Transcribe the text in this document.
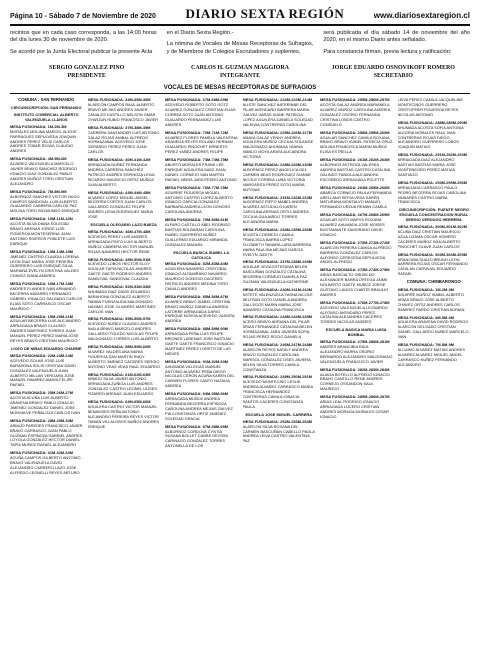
Página 10 - Sábado 7 de Noviembre de 2020 DIARIO SEXTA REGIÓN	www.diariosextaregion.cl

recintos que en cada caso corresponda, a las 14:00 horas del día lunes 30 de noviembre de 2020.

Se acordó por la Junta Electoral publicar la presente Acta

en el Diario Sexta Región.-

La nómina de Vocales de Mesas Receptoras de Sufragios, y de Miembros de Colegios Escrutadores y suplentes,

será publicada el día sábado 14 de noviembre del año 2020, en el mismo Diario antes señalado.

Para constancia firman, previa lectura y ratificación:

SERGIO GONZALEZ PINO
PRESIDENTE
CARLOS H. GUZMAN MAGGIORA
INTEGRANTE
JORGE EDUARDO OSNOVIKOFF ROMERO
SECRETARIO
VOCALES DE MESAS RECEPTORAS DE SUFRAGIOS
COMUNA : SAN FERNANDO
CIRCUNSCRIPCIÓN: SAN FERNANDO
INSTITUTO COMERCIAL ALBERTO VALENZUELA LLANOS
MESA FUSIONADA: 1M-2M-3M
MORALES MOLINA MARCEL ALEXIS PARRAGUEZ SEPULVEDA JOAQUIN ANDRES PEREZ VELIZ CARLOS ANDRES TOBAR ROJAS CLAUDIO ANDRES
MESA FUSIONADA: 4M-5M-6M
ALVAREZ VALENZUELA MARCELO JAVIER BRAVO SANCHEZ RODRIGO IGNACIO DIAZ GONZALEZ PABLO ANDRES MUÑOZ TORO CRISTIAN ALEJANDRO
MESA FUSIONADA: 7M-8M-9M
ALBORNOZ SANCHEZ VICTOR HUGO CAMPOS SANDOVAL LUIS ALBERTO GUAJARDO CABRERA CARLOS PAZ MOLINA TORO RAYMUNDO ENRIQUE
MESA FUSIONADA: 10M-11M-12M
ACOSTA SILVA DIANA SOLEDAD BRAVO ARENAS JORGE LUIS FIGUEROA MONTESERINA JUAN ANTONIO RIVEROS POBLETE LUIS ENRIQUE
MESA FUSIONADA: 13M-14M-15M
JIMENEZ CASTRO CLAUDIA LORENA LEON DIAZ MARIA JOSE PEREIRA GUERRERO LUIS ENRIQUE SILVA MARIANA EVELYN CRISTINA VALDES CHAVEZ DIANA ANDREA
MESA FUSIONADA: 16M-17M-18M
ANDRES FLANDES IVAN ARMANDO BECERRA NAVARRO FERNANDO GABRIEL HIDALGO SALGADO CARLOS ELIAS SOTO CARRASCO OSCAR MAURICIO
MESA FUSIONADA: 19M-20M-21M
AGUILAR BECERRA LUIS ALEJANDRO ARRIAGADA BRAVO CLAUDIO ANDRES MARTINEZ TORRES JUAN MANUEL PEREZ PEREZ MARIA JOSE REYES BRAVO CRISTIAN MAURICIO
LICEO DE NIÑAS EDUARDO CHARME
MESA FUSIONADA: 22M-23M-24M
ACEVEDO SOLAR JOSE LUIS BARAHONA SOLIS CRISTIAN DAVID GONZALEZ VALENZUELA JUAN ALBERTO MILLAN VERGARA JOSE MANUEL RAMIREZ AMAYA FELIPE RAFAEL
MESA FUSIONADA: 25M-26M-27M
ACOSTA ACUÑA LUIS ALBERTO ARAVENA BRAVO PABLO IGNACIO JIMENEZ GONZALEZ DANIEL JOSE MONSALVE PEÑALOZA CARLOS IVAN
MESA FUSIONADA: 28M-29M-30M
ARMIJO PAREDES FRANCISCO JAVIER BRAVO CARRASCO JUAN PABLO GUZMAN ESPINOZA GABRIEL ANDRES LOYOLA GONZALEZ HECTOR DANIEL TAPIA MUÑOZ RAFAEL ALEJANDRO
MESA FUSIONADA: 31M-32M-33M
ACUÑA CAMPOS GILBERTO ANTONIO BRAVO VALENZUELA DAVID ALEJANDRO CARRERO LAZO JOSE ALFREDO LEONELLI REYES ARTURO
MESA FUSIONADA: 34M-35M-36M
ALARCON CAMPOS RAUL ALBERTO BRAVO MEJIAS ANDRES JAVIER CANALES CASTILLO NELSON OMAR OYARZUN RUBIO FRANCISCO JAVIER
MESA FUSIONADA: 37M-38M-39M
CARRERA SANTANDER LUIS ANTONIO GALAZ ROJAS ANIBAL ALFREDO HORMAZABAL ACEVEDO JOSE GERARDO PEREZ PEREZ JUAN CARLOS
MESA FUSIONADA: 40M-41M-42M
ARRIAGADA NUÑEZ FERNANDA ANDREA CARRERA SANCHEZ PATRICIO ANDRES ESPINOZA LEIVA RICARDO MAURICIO ORTIZ MUÑOZ JUAN ALBERTO
MESA FUSIONADA: 43M-44M-45M
ALVAREZ LOPEZ MIGUEL ANGEL BECERRA CORTES JUAN CARLOS GALLARDO GONZALEZ FELIPE ANDRES LEIVA RODRIGUEZ MARIA JOSE
ESCUELA OLEGARIO LAZO BAEZA
MESA FUSIONADA: 46M-47M-48M
ACEVEDO PEREZ LUIS ANDRES ARRIAGADA PINTO LUIS ALBERTO MUÑOZ CABRERA VICTOR MANUEL ROJAS NAVARRO HECTOR RENE
MESA FUSIONADA: 49M-50M-51M
ACEVEDO LOBOS HECTOR ELOY AGUILAR TAPIA NICOLAS ANDRES GAETE GAETE RODRIGO ANDRES SANDOVAL SANDOVAL CLAUDIA
MESA FUSIONADA: 52M-53M-54M
AHUMADA DIAZ DAVID EDUARDO BARAHONA GONZALEZ ALBERTO FABIAN FUENZALIDA MALDONADO MAXIMO JOSE OLIVARES MARTINEZ CARLOS IVAN
MESA FUSIONADA: 55M-56M-57M
ACEVEDO NUÑEZ CLAUDIO ANDRES AVALA BRAVO MARCELO ANDRES GALLARDO TOLEDO NICOLAS FELIPE MALDONADO TORRES LUIS ALBERTO
MESA FUSIONADA: 58M-59M-60M
ALVAREZ VALDES ANA MARIA FIGUEROA SAN MARTIN RUDY ALBERTO JIMENEZ CACERES SERGIO ANTONIO VEAS VEAS RAUL EDUARDO
MESA FUSIONADA: 61M-62M-63M
ARMIJO SILVA JAVIER ANTONIO ARRIAGADA ZUÑIGA LUIS ANDRES GONZALEZ CASTRO LEONEL ULISES PIZARRO ARENAS JUAN EDUARDO
MESA FUSIONADA: 64M-65M-66M
AGUILERA CASTRO VICTOR MANUEL BENAVIDES PEÑA ANTONIO ALEJANDRO PEREIRA REYES VICTOR FABIAN VILLALOBOS MUÑOZ ANDRES ENRIQUE
MESA FUSIONADA: 67M-68M-69M
ACEVEDO ROBERTO SOTO GOTZ ALVAREZ GONZALEZ CRISTIAN ELIAS CORREA SOTO JUAN ANTONIO GUAJARDO FERNANDEZ LUIS ANDRES
MESA FUSIONADA: 70M-71M-72M
ALVAREZ FLORES PAMELA VALENTINA ARANEDA REYES ROLAND HERNAN GUAJARDO PINOCHET ERNESTO PEREZ YAÑEZ ANDRES FELIPE
MESA FUSIONADA: 73M-74M-75M
ABURTO MORALES FRANK LEE ENRIQUE AGUILERA SAEZ JUAN DANIEL CORNEJO SAN MARTIN RAFAEL NEIRA JARA PEDRO ANTONIO
MESA FUSIONADA: 76M-77M-78M
AGUIRRE FIGUEROA MIGUEL ANTONIO CASTRO LOPEZ ALBERTO IGNACIO GARCIA GONZALEZ BARBARA ANDREA LEON DONOSO CAROLINA ANDREA
MESA FUSIONADA: 79M-80M-81M
ALFARO CASTILLO ABEL RODRIGO BASTIAS BOLBARAN CAROLINA ISABEL GUERRERO NUÑEZ GUILLERMO EDUARDO MIRANDA GONZALEZ MANUEL
ESCUELA BASICA ISABEL LA CATOLICA
MESA FUSIONADA: 82M-83M-84M
AGUILERA NAVARRO CRISTOBAL IGNACIO ALTAMIRANO NAVARRO MAURICIO DONOSO CACERES PATRICIO ANDRES MEDINA TORO CAMILO ANDRES
MESA FUSIONADA: 85M-86M-87M
ALVAREZ BRAVO ISABEL CRISTINA BRAVO MUÑOZ DANIELA ANDREA LATORRE ARRIAGADA DARIO ENRIQUE NOVOA ACEVEDO JUANITA ANDREA
MESA FUSIONADA: 88M-89M-90M
ARRIAGADA PEÑA LUIS FELIPE BRIONES LARENAS JOSE BASTIAN GAETE GAETE FRANCISCO IGNACIO MARTINEZ PEREZ LORETO DE LAS NIEVES
MESA FUSIONADA: 91M-92M-93M
AHUMADA VILLEGAS MANUEL ANTONIO ALVAREZ PEÑA DIEGO NICOLAS CERON ACUÑA KAREN DEL CARMEN FLORES CANTO NATALIA ANDREA
MESA FUSIONADA: 94M-95M-96M
ARRIAGADA MUÑOZ ANDREA FERNANDA BECERRA ESPINOZA CAROLINA ANDREA MEJIAS GALVEZ PIA CONSTANZA ORTIZ JIMENEZ SOLEDAD GRACIA
MESA FUSIONADA: 97M-98M-99M
ALBORNOZ CORDOVA CYNTIA SUSANA BOLLET CABRE DEYSINI CARINAGO GONZALEZ TORRES ANTONELLA DE LOS
MESA FUSIONADA: 222M-223M-224M
ALISTE SANCHEZ NATERINNE DEL PILAR AVENDAÑO BARRERA MARIA GALVEZ VARAS DIANE PATRICIA LOPEZ AGUILERA DANIELA SOLEDAD VALDIVIA CONTRERAS CAROLINA
MESA FUSIONADA: 225M-226M-227M
AMAYA GALAZ YENNY ANDREA AGUILERA MUÑOZ CECILIA SOLANGE MALDONADO AHUMADA YANINA MABLIO MOYA ARAYA ALEJANDRA VICTORIA
MESA FUSIONADA: 228M-229M-230M
ALBORNOZ PEREZ ANGELICA DEL CARMEN BEAS RODRIGUEZ DIANNE NICOLE CORREA LUNA VICTORIA MARGARITA PEREZ SOTO MARIA ANTONIA
MESA FUSIONADA: 231M-232M-233M
ALBORNOZ RIFFO MABEL ANDREA ALVAREZ ASTUDILLO KAREN CAROLINA ARENAS ORTIZ ANDREA CECILIA GUAJARDO TORRES ALEJANDRA MARIA
MESA FUSIONADA: 234M-235M-236M
ACOSTA CORNEJO CAMILA FRANCISCA BARRA LOPEZ ELIZABETH TAMARA LARA BARRERA MARIA PAULINA MEJIAS GARCIA EVELYN JUDITH
MESA FUSIONADA: 237M-238M-239M
AGUILAR VEGA ESTEFANIA BELEN BASCUÑAN GONZALEZ CATALINA BECERRA CORNEJO DANIELA PAZ GUZMAN VALENZUELA KATHERINE
MESA FUSIONADA: 240M-241M-242M
ASTETE VALENZUELA YASNA NICOLE BELTRAN SOTO DANIELA ANDREA GALLEGOS MARIN MARIA JOSE NAVARRO CATALINA FRANCISCA
MESA FUSIONADA: 243M-244M-245M
ACERO BRAVO ADRIANA DEL PILAR ARIAS FERNANDEZ CATALINA BELEN HORMAZABAL JARA JAVIERA SOFIA ROJAS PEREZ ROCIO DANIELA
MESA FUSIONADA: 246M-247M-248M
ALARCON REYES NATALY ANDREA BRAVO GONZALEZ CAROLINA MARISOL GONZALEZ OSES JAVIERA BELEN SILVA TORRES CAMILA CONSTANZA
MESA FUSIONADA: 249M-250M-251M
ACEVEDO MONTECINO LESLIE ANDREA ALVAREZ CARRASCO MARIA FRANCISCA HERNANDEZ CONTRERAS CAMILA IGNACIA SANTOS CACERES CONSTANZA PAULA
ESCUELA JOSE MIGUEL CARRERA
MESA FUSIONADA: 252M-253M-254M
ALARCON SILVA ROXANA DEL CARMEN BASCUÑAN CABELLO PAOLA ANDREA LEIVA CASTRO VALENTINA PAZ
MESA FUSIONADA: 255M-256M-257M
ACOSTA GALAZ ANDREA MARIANELA ALVAREZ MUÑOZ CAROLINA ANDREA GONZALEZ OSORIO FERNANDA CRISTINA LOBOS CASTRO CONSUELO
MESA FUSIONADA: 258M-259M-260M
AGUILAR SANCHEZ CAMILA ROXANA BRAVO BRAVO ISABEL PATRICIA CRUZ MOLINA FRANCISCA MARIN MUÑOZ ELISA ESTRELLA
MESA FUSIONADA: 261M-262M-263M
ALBORNOZ ASTROZA VALESKA ANDREA BASTIAS CASTRO CATALINA GALINDO FABIOLA ALEJANDRA ESCOBEDO ARRIAGADA POLETTE
MESA FUSIONADA: 264M-265M-266M
ABARCA CORNEJO PAULA FERNANDA ARELLANO SEPULVEDA KAREN MATURANA MONTALVO MANUEL FERNANDO URZUA REMAN CAMILA
MESA FUSIONADA: 267M-268M-269M
AGUILAR SOTO MARYS ROXANA ALVAREZ AHUMADA JOSE MOISES BUSTAMANTE ZAMORANO DAVID IGNACIO
MESA FUSIONADA: 270M-271M-272M
ALARCON PEREIRA CAMILA ALFREDO BARRERA GONZALEZ CARLOS ALFONSO CERECEDA SEPULVEDA ANGEL ALFREDO
MESA FUSIONADA: 273M-274M-275M
ARIAS BASOALTO GRISELDO ALEXANDER BARRA ORTEGA JAIME NOLBERTO GAETE MUÑOZ JORGE GUSTAVO LAGOS CHARTE BRAULIO ANDRES
MESA FUSIONADA: 276M-277M-278M
ACEVEDO VALENZUELA LEONARDO ALFONSO AVENDAÑO PEREZ CATALINA ALEJANDRA CACERES TORRES NICOLAS ANDRES
ESCUELA BASICA MARIA LUISA BOMBAL
MESA FUSIONADA: 279M-280M-281M
ANDRES ARANCIBIA RAUL ALEJANDRO BARRA OSORIO BERNARDO ALEJANDRO MALDONADO VALENZUELA FRANCISCO JAVIER
MESA FUSIONADA: 282M-283M-284M
ALIAGA BOTELLO ALFREDO IGNACIO BRAVO CANTILLO RENE ANDRES CORNEJO OSSANDON SAUL MAURICIO
MESA FUSIONADA: 285M-286M-287M
ARIAS LEAL RODRIGO IGNACIO ARRIAGADA LUCERO CRISTIAN ANDRES MORAGA MORALES CESAR IGNACIO
LEIVA PEREZ CAMILA JACQUELINE MONTECINOS GUERRERO CRISTOPHER FIGUEROA REYES NICOLAS ANTONIO
MESA FUSIONADA: 288M-289M-290M
AHUMADA ACOSTA SOFIA ANTONIA ALEGRIA MORALES RAUL IVAN CONTRERAS ROJAS DIEGO ALEJANDRO GUERRERO LOBOS JOAQUIN MATIAS
MESA FUSIONADA: 291M-292M-293M
ARRIAGADA DIAZ ALEJANDRO BASTIAS BASTIAS MARIA JOSE MONTENEGRO PEREZ MATIAS SANTIAGO
MESA FUSIONADA: 294M-295M-296M
ARRIAGADA CARRASCO PAULO PEDRO BECERRA ROJAS CAROLINA MUNARES CASTRO MARIA FRANCISCA
CIRCUNSCRIPCIÓN: PUENTE NEGRO ESCUELA CONCENTRACION RURAL SERGIO VERDUGO HERRERA
MESA FUSIONADA: 300M-301M-302M
ACUÑA DIAZ CRISTIAN MAURICIO AZUA LIZAMA OSCAR HOMERO CACERES MUÑOZ IVAN ALBERTO PINOCHET OLAVE JUAN CARLOS
MESA FUSIONADA: 303M-304M-305M
ARANCIBIA SUAZO BRUNO LEON BARRERA ROJAS OSCAR FERNANDO CATALAN CARVAJAL EDUARDO RAFAEL
COMUNA: CHIMBARONGO
MESA FUSIONADA: 1M-2M-3M
AGUIRRE MUÑOZ ISABEL ALBERTO ARIAS BRAVO JOSE ALBERTO CHAVEZ ORTIZ ANDRES CARLOS RAMIREZ PARDO CRISTIAN ADRIAN
MESA FUSIONADA: 4M-5M-6M
AGUILERA ARAVENA DAVID RODRIGO ALARCON DELGADO CRISTIAN DANIEL GALLARDO NUÑEZ MARCELO IVAN
MESA FUSIONADA: 7M-8M-9M
ALCAINO ALVAREZ MATIAS ANDRES ALVAREZ ALVAREZ MIGUEL ANGEL CARRASCO NUÑEZ FERNANDO ALEJANDRO
